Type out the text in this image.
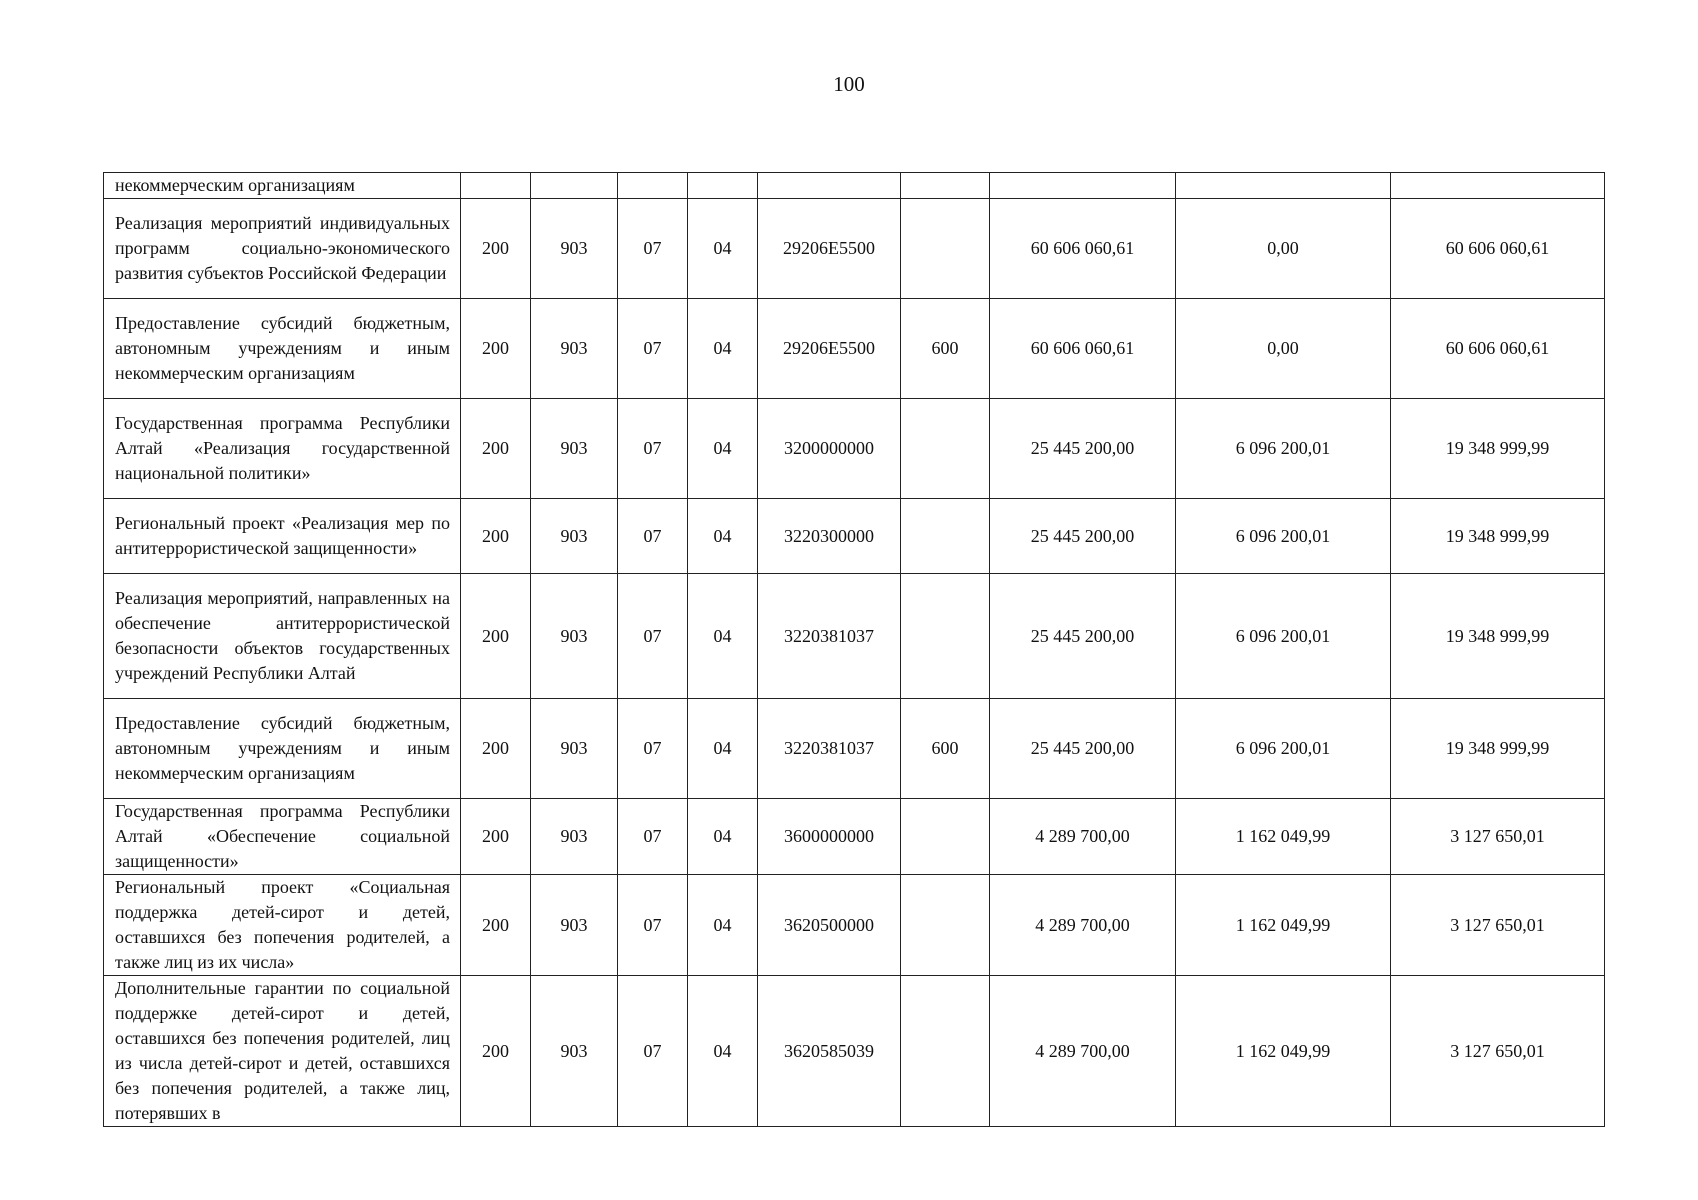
100
некоммерческим организациям									
Реализация мероприятий индивидуальных программ социально-экономического развития субъектов Российской Федерации	200	903	07	04	29206E5500		60 606 060,61	0,00	60 606 060,61
Предоставление субсидий бюджетным, автономным учреждениям и иным некоммерческим организациям	200	903	07	04	29206E5500	600	60 606 060,61	0,00	60 606 060,61
Государственная программа Республики Алтай «Реализация государственной национальной политики»	200	903	07	04	3200000000		25 445 200,00	6 096 200,01	19 348 999,99
Региональный проект «Реализация мер по антитеррористической защищенности»	200	903	07	04	3220300000		25 445 200,00	6 096 200,01	19 348 999,99
Реализация мероприятий, направленных на обеспечение антитеррористической безопасности объектов государственных учреждений Республики Алтай	200	903	07	04	3220381037		25 445 200,00	6 096 200,01	19 348 999,99
Предоставление субсидий бюджетным, автономным учреждениям и иным некоммерческим организациям	200	903	07	04	3220381037	600	25 445 200,00	6 096 200,01	19 348 999,99
Государственная программа Республики Алтай «Обеспечение социальной защищенности»	200	903	07	04	3600000000		4 289 700,00	1 162 049,99	3 127 650,01
Региональный проект «Социальная поддержка детей-сирот и детей, оставшихся без попечения родителей, а также лиц из их числа»	200	903	07	04	3620500000		4 289 700,00	1 162 049,99	3 127 650,01
Дополнительные гарантии по социальной поддержке детей-сирот и детей, оставшихся без попечения родителей, лиц из числа детей-сирот и детей, оставшихся без попечения родителей, а также лиц, потерявших в	200	903	07	04	3620585039		4 289 700,00	1 162 049,99	3 127 650,01
